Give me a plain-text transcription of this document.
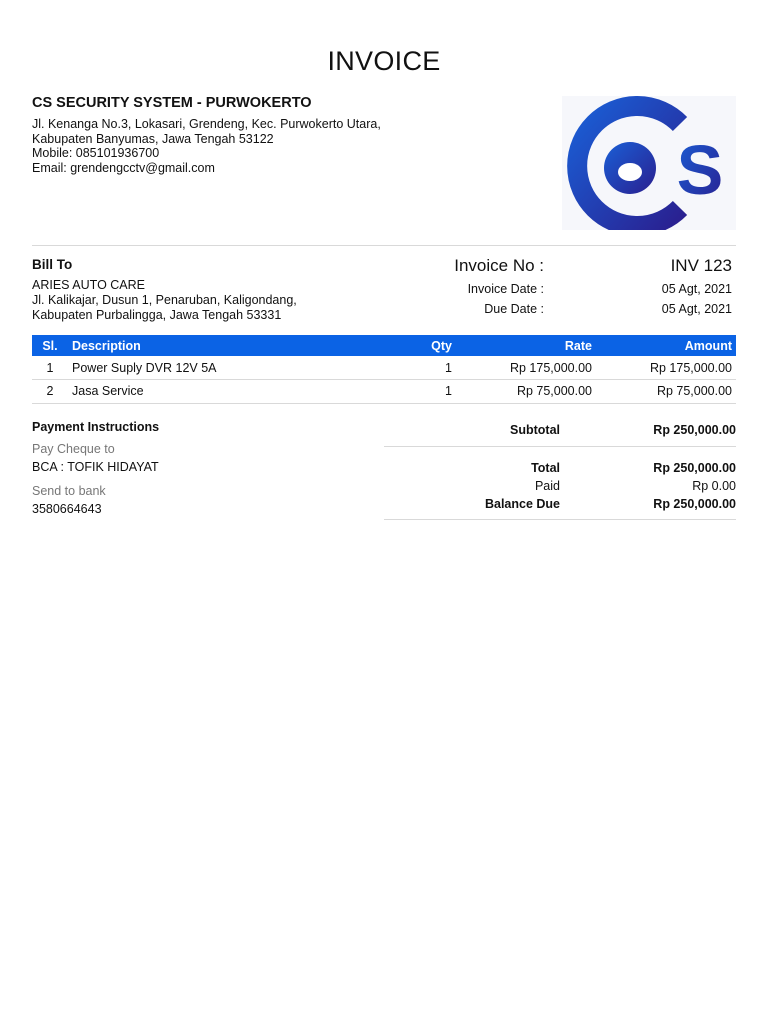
INVOICE
CS SECURITY SYSTEM - PURWOKERTO
Jl. Kenanga No.3, Lokasari, Grendeng, Kec. Purwokerto Utara,
Kabupaten Banyumas, Jawa Tengah 53122
Mobile: 085101936700
Email: grendengcctv@gmail.com	S
Bill To
ARIES AUTO CARE
Jl. Kalikajar, Dusun 1, Penaruban, Kaligondang,
Kabupaten Purbalingga, Jawa Tengah 53331
Invoice No :	INV 123
Invoice Date :	05 Agt, 2021
Due Date :	05 Agt, 2021
Sl.	Description	Qty	Rate	Amount
1	Power Suply DVR 12V 5A	1	Rp 175,000.00	Rp 175,000.00
2	Jasa Service	1	Rp 75,000.00	Rp 75,000.00
Payment Instructions
Pay Cheque to
BCA : TOFIK HIDAYAT
Send to bank
3580664643
Subtotal	Rp 250,000.00
Total	Rp 250,000.00
Paid	Rp 0.00
Balance Due	Rp 250,000.00
